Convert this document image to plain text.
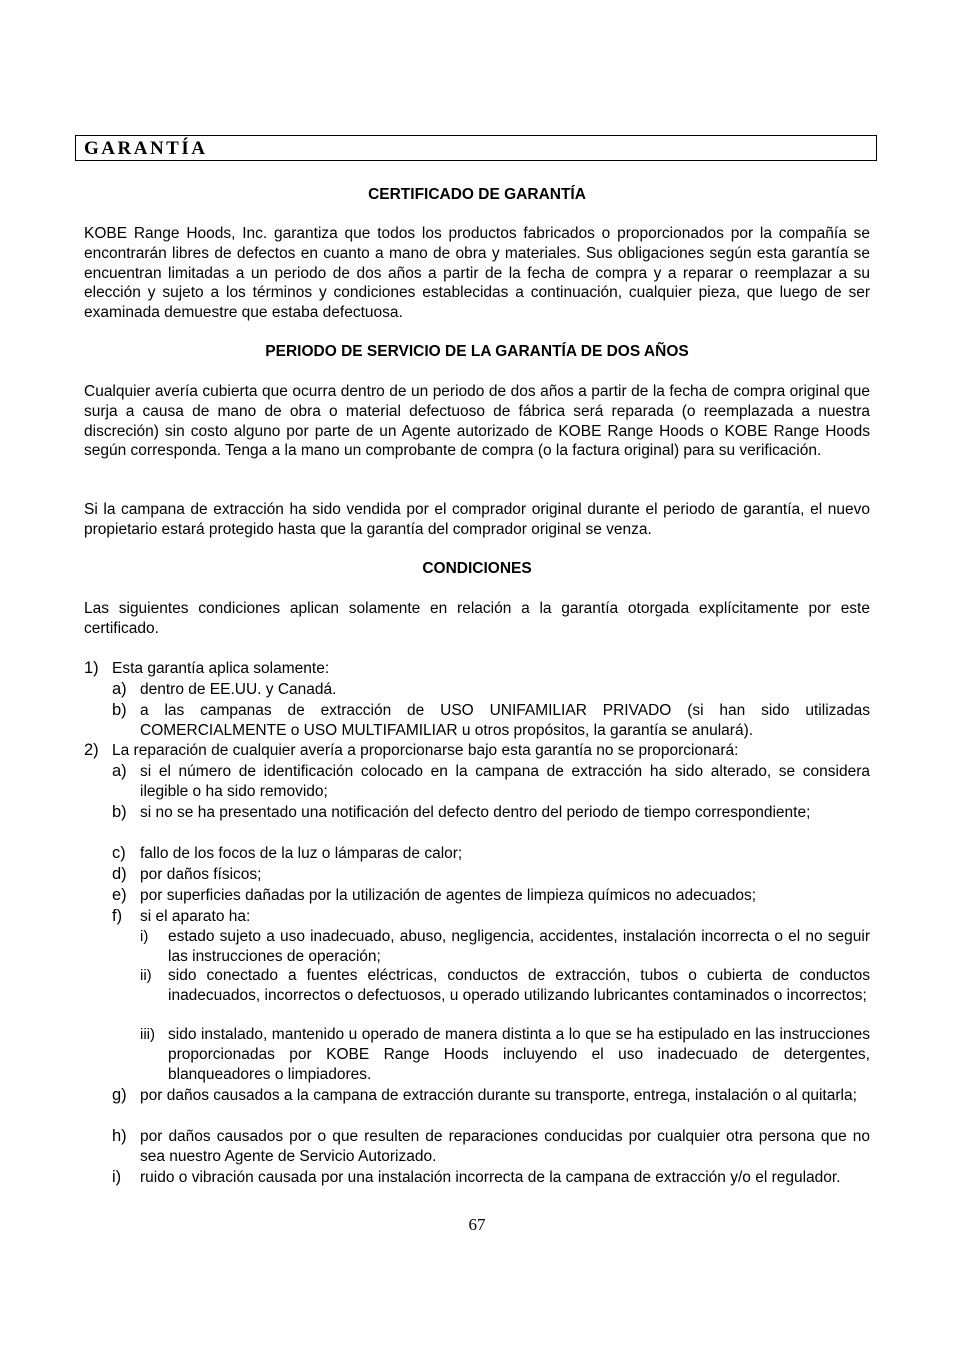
GARANTÍA

CERTIFICADO DE GARANTÍA

KOBE Range Hoods, Inc. garantiza que todos los productos fabricados o proporcionados por la compañía se encontrarán libres de defectos en cuanto a mano de obra y materiales. Sus obligaciones según esta garantía se encuentran limitadas a un periodo de dos años a partir de la fecha de compra y a reparar o reemplazar a su elección y sujeto a los términos y condiciones establecidas a continuación, cualquier pieza, que luego de ser examinada demuestre que estaba defectuosa.

PERIODO DE SERVICIO DE LA GARANTÍA DE DOS AÑOS

Cualquier avería cubierta que ocurra dentro de un periodo de dos años a partir de la fecha de compra original que surja a causa de mano de obra o material defectuoso de fábrica será reparada (o reemplazada a nuestra discreción) sin costo alguno por parte de un Agente autorizado de KOBE Range Hoods o KOBE Range Hoods según corresponda. Tenga a la mano un comprobante de compra (o la factura original) para su verificación.

Si la campana de extracción ha sido vendida por el comprador original durante el periodo de garantía, el nuevo propietario estará protegido hasta que la garantía del comprador original se venza.

CONDICIONES

Las siguientes condiciones aplican solamente en relación a la garantía otorgada explícitamente por este certificado.

1) Esta garantía aplica solamente:
a) dentro de EE.UU. y Canadá.
b) a las campanas de extracción de USO UNIFAMILIAR PRIVADO (si han sido utilizadas COMERCIALMENTE o USO MULTIFAMILIAR u otros propósitos, la garantía se anulará).
2) La reparación de cualquier avería a proporcionarse bajo esta garantía no se proporcionará:
a) si el número de identificación colocado en la campana de extracción ha sido alterado, se considera ilegible o ha sido removido;
b) si no se ha presentado una notificación del defecto dentro del periodo de tiempo correspondiente;
c) fallo de los focos de la luz o lámparas de calor;
d) por daños físicos;
e) por superficies dañadas por la utilización de agentes de limpieza químicos no adecuados;
f)	si el aparato ha:
i)	estado sujeto a uso inadecuado, abuso, negligencia, accidentes, instalación incorrecta o el no seguir las instrucciones de operación;
ii)	sido conectado a fuentes eléctricas, conductos de extracción, tubos o cubierta de conductos inadecuados, incorrectos o defectuosos, u operado utilizando lubricantes contaminados o incorrectos;
iii) sido instalado, mantenido u operado de manera distinta a lo que se ha estipulado en las instrucciones proporcionadas por KOBE Range Hoods incluyendo el uso inadecuado de detergentes, blanqueadores o limpiadores.
g) por daños causados a la campana de extracción durante su transporte, entrega, instalación o al quitarla;
h) por daños causados por o que resulten de reparaciones conducidas por cualquier otra persona que no sea nuestro Agente de Servicio Autorizado.
i)	ruido o vibración causada por una instalación incorrecta de la campana de extracción y/o el regulador.
67
